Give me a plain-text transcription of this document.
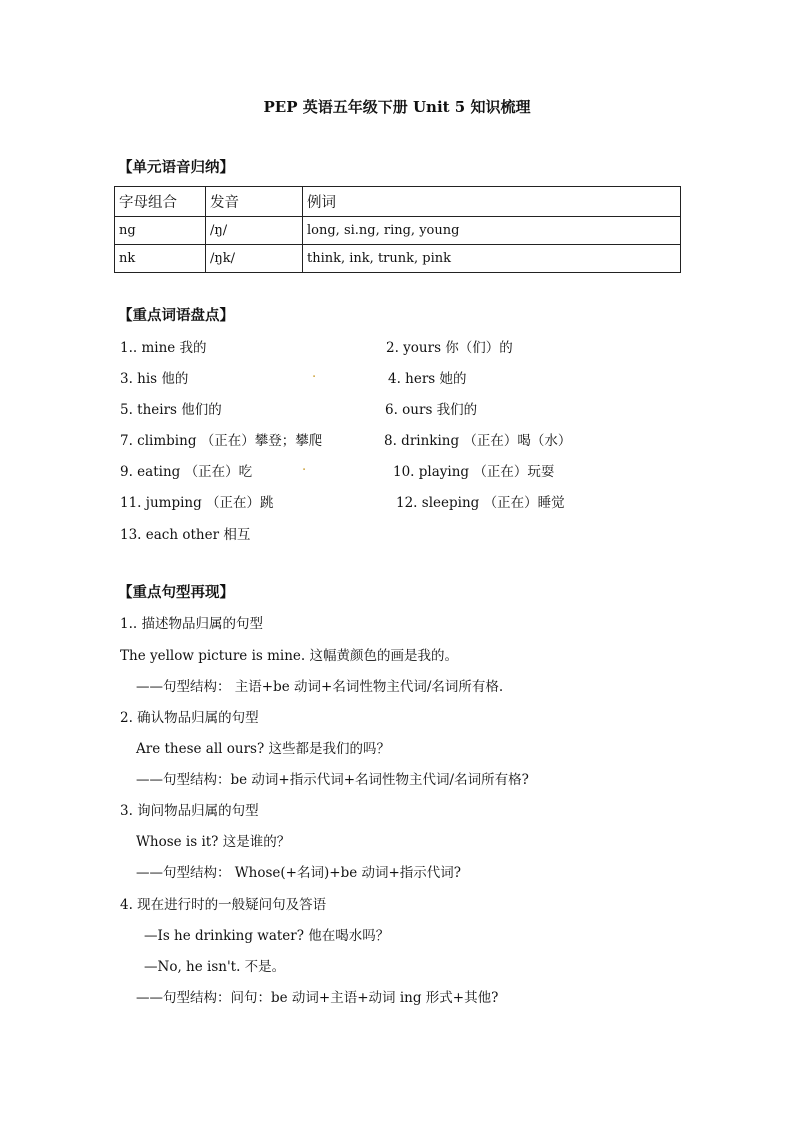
PEP 英语五年级下册 Unit 5 知识梳理
【单元语音归纳】
字母组合	发音	例词
ng	/ŋ/	long, si.ng, ring, young
nk	/ŋk/	think, ink, trunk, pink
【重点词语盘点】
1.. mine 我的	2. yours 你（们）的
3. his 他的	.	4. hers 她的
5. theirs 他们的	6. ours 我们的
7. climbing （正在）攀登；攀爬	8. drinking （正在）喝（水）
9. eating （正在）吃	.	10. playing （正在）玩耍
11. jumping （正在）跳	12. sleeping （正在）睡觉
13. each other 相互
【重点句型再现】
1.. 描述物品归属的句型
The yellow picture is mine. 这幅黄颜色的画是我的。
——句型结构： 主语+be 动词+名词性物主代词/名词所有格.
2. 确认物品归属的句型
Are these all ours? 这些都是我们的吗？
——句型结构：be 动词+指示代词+名词性物主代词/名词所有格?
3. 询问物品归属的句型
Whose is it? 这是谁的？
——句型结构： Whose(+名词)+be 动词+指示代词?
4. 现在进行时的一般疑问句及答语
—Is he drinking water? 他在喝水吗？
—No, he isn't. 不是。
——句型结构：问句：be 动词+主语+动词 ing 形式+其他?
